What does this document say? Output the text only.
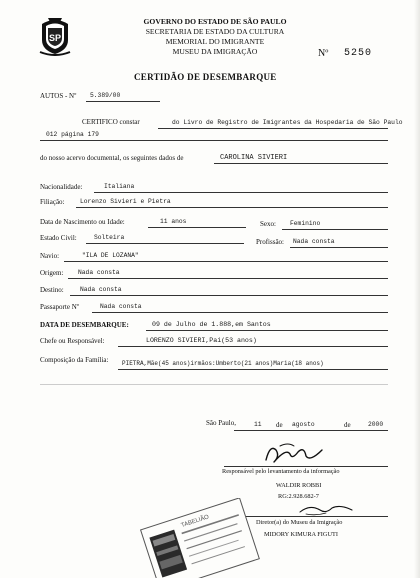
SP
GOVERNO DO ESTADO DE SÃO PAULO
SECRETARIA DE ESTADO DA CULTURA
MEMORIAL DO IMIGRANTE
MUSEU DA IMIGRAÇÃO	Nº 5250
CERTIDÃO DE DESEMBARQUE
AUTOS - Nº 5.389/00
CERTIFICO constar	do Livro de Registro de Imigrantes da Hospedaria de São Paulo
012 página 179
do nosso acervo documental, os seguintes dados de	CAROLINA SIVIERI
Nacionalidade:	Italiana
Filiação: Lorenzo Sivieri e Pietra
Data de Nascimento ou Idade:	11 anos	Sexo: Feminino
Estado Civil:	Solteira
Profissão: Nada consta
Navio:	"ILA DE LOZANA"
Origem: Nada consta
Destino:	Nada consta
Passaporte Nº	Nada consta
DATA DE DESEMBARQUE:	09 de Julho de 1.888,em Santos
Chefe ou Responsável:	LORENZO SIVIERI,Pai(53 anos)
Composição da Família: PIETRA,Mãe(45 anos)irmãos:Umberto(21 anos)Maria(18 anos)
São Paulo,	11 de agosto	de	2000
Responsável pelo levantamento da informação
WALDIR ROBBI
RG:2.928.682-7
Diretor(a) do Museu da Imigração
MIDORY KIMURA FIGUTI
TABELIÃO
